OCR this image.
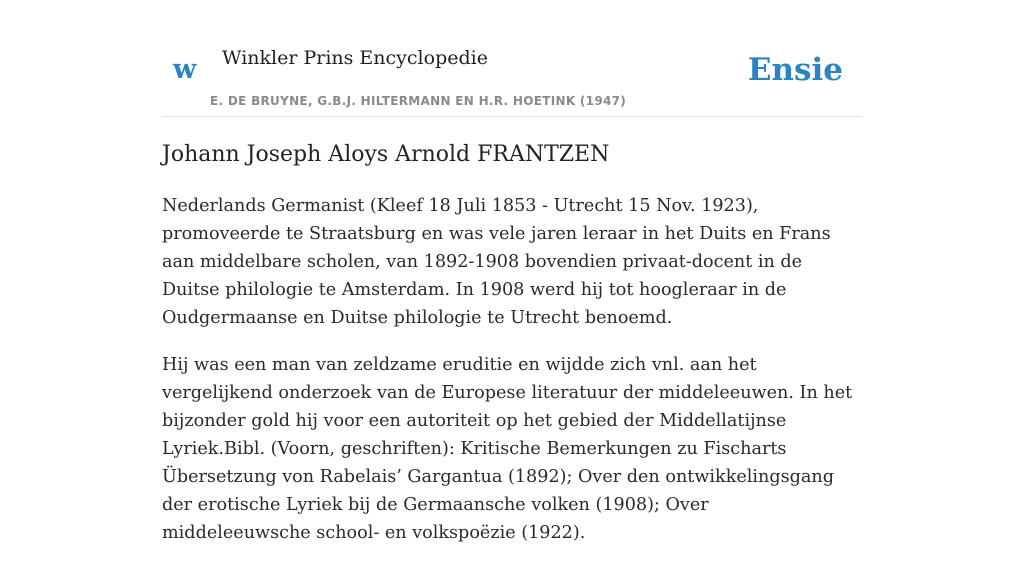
w Winkler Prins Encyclopedie
E. DE BRUYNE, G.B.J. HILTERMANN EN H.R. HOETINK (1947)
Ensie
Johann Joseph Aloys Arnold FRANTZEN

Nederlands Germanist (Kleef 18 Juli 1853 - Utrecht 15 Nov. 1923), promoveerde te Straatsburg en was vele jaren leraar in het Duits en Frans aan middelbare scholen, van 1892-1908 bovendien privaat-docent in de Duitse philologie te Amsterdam. In 1908 werd hij tot hoogleraar in de Oudgermaanse en Duitse philologie te Utrecht benoemd.

Hij was een man van zeldzame eruditie en wijdde zich vnl. aan het vergelijkend onderzoek van de Europese literatuur der middeleeuwen. In het bijzonder gold hij voor een autoriteit op het gebied der Middellatijnse Lyriek.Bibl. (Voorn, geschriften): Kritische Bemerkungen zu Fischarts Übersetzung von Rabelais’ Gargantua (1892); Over den ontwikkelingsgang der erotische Lyriek bij de Germaansche volken (1908); Over middeleeuwsche school- en volkspoëzie (1922).
